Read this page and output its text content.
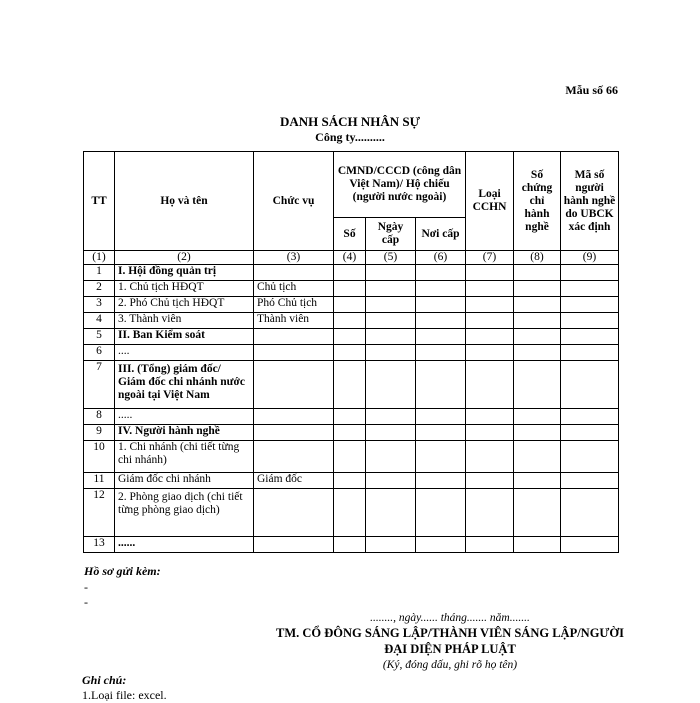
Mẫu số 66
DANH SÁCH NHÂN SỰ
Công ty..........
TT	Họ và tên	Chức vụ	CMND/CCCD (công dân Việt Nam)/ Hộ chiếu (người nước ngoài)			Loại CCHN	Số chứng chỉ hành nghề	Mã số người hành nghề do UBCK xác định
			Số	Ngày cấp	Nơi cấp			
(1)	(2)	(3)	(4)	(5)	(6)	(7)	(8)	(9)
1	I. Hội đồng quản trị							
2	1. Chủ tịch HĐQT	Chủ tịch						
3	2. Phó Chủ tịch HĐQT	Phó Chủ tịch						
4	3. Thành viên	Thành viên						
5	II. Ban Kiểm soát							
6	....							
7	III. (Tổng) giám đốc/ Giám đốc chi nhánh nước ngoài tại Việt Nam							
8	.....							
9	IV. Người hành nghề							
10	1. Chi nhánh (chi tiết từng chi nhánh)							
11	Giám đốc chi nhánh	Giám đốc						
12	2. Phòng giao dịch (chi tiết từng phòng giao dịch)							
13	......							
Hồ sơ gửi kèm:
-
-
........, ngày...... tháng....... năm.......
TM. CỔ ĐÔNG SÁNG LẬP/THÀNH VIÊN SÁNG LẬP/NGƯỜI ĐẠI DIỆN PHÁP LUẬT
(Ký, đóng dấu, ghi rõ họ tên)
Ghi chú:
1.Loại file: excel.
